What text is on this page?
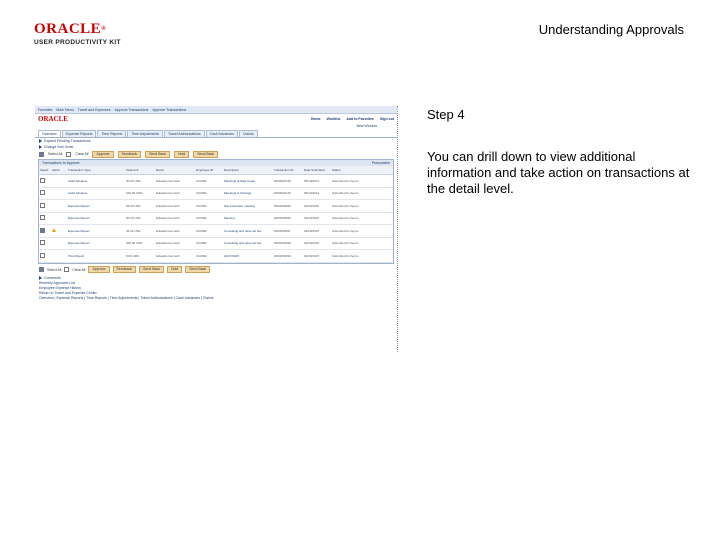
ORACLE®
USER PRODUCTIVITY KIT
Understanding Approvals
Step 4
You can drill down to view additional information and take action on transactions at the detail level.
Favorites Main Menu Travel and Expenses Approve Transactions Approve Transactions
ORACLE	Home Worklist Add to Favorites Sign out
New Window
Overview	Expense Reports	Time Reports	Time Adjustments	Travel Authorizations	Cash Advances	Claims
Expand Pending Transactions
Change Sort Order
Select All	Clear All	Approve	Sendback	Send Back	Hold	Send Back
Transactions to Approve	Personalize
Select	Alerts	Transaction Type	Total Amt	Name	Employee ID	Description	Transaction ID	Date Submitted	Status
		Cash Advance	50.00 USD	Edwards,Kenneth	KU0092	Meetings at East Coast	0000000148	05/19/2014	Submitted for Appro
		Cash Advance	100.00 USD	Edwards,Kenneth	KU0092	Meetings in Chicago	0000000149	05/19/2014	Submitted for Appro
		Expense Report	56.00 USD	Edwards,Kenneth	KU0092	San Francisco meeting	0000000095	04/29/2015	Submitted for Appro
		Expense Report	50.00 USD	Edwards,Kenneth	KU0092	Meeting	0000000096	04/29/2015	Submitted for Appro
		Expense Report	46.00 USD	Edwards,Kenneth	KU0092	Consulting and other ad hoc	0000000097	04/29/2015	Submitted for Appro
		Expense Report	350.00 USD	Edwards,Kenneth	KU0092	Consulting and other ad hoc	0000000098	04/29/2015	Submitted for Appro
		Time Report	8.00 HRS	Edwards,Kenneth	KU0092	04/27/2015	0000000099	04/29/2015	Submitted for Appro
Select All	Clear All	Approve	Sendback	Send Back	Hold	Send Back
Comments
Recently Approved List
Employee Expense History
Return to Travel and Expense Center
Overview | Expense Reports | Time Reports | Time Adjustments | Travel Authorizations | Cash Advances | Claims
